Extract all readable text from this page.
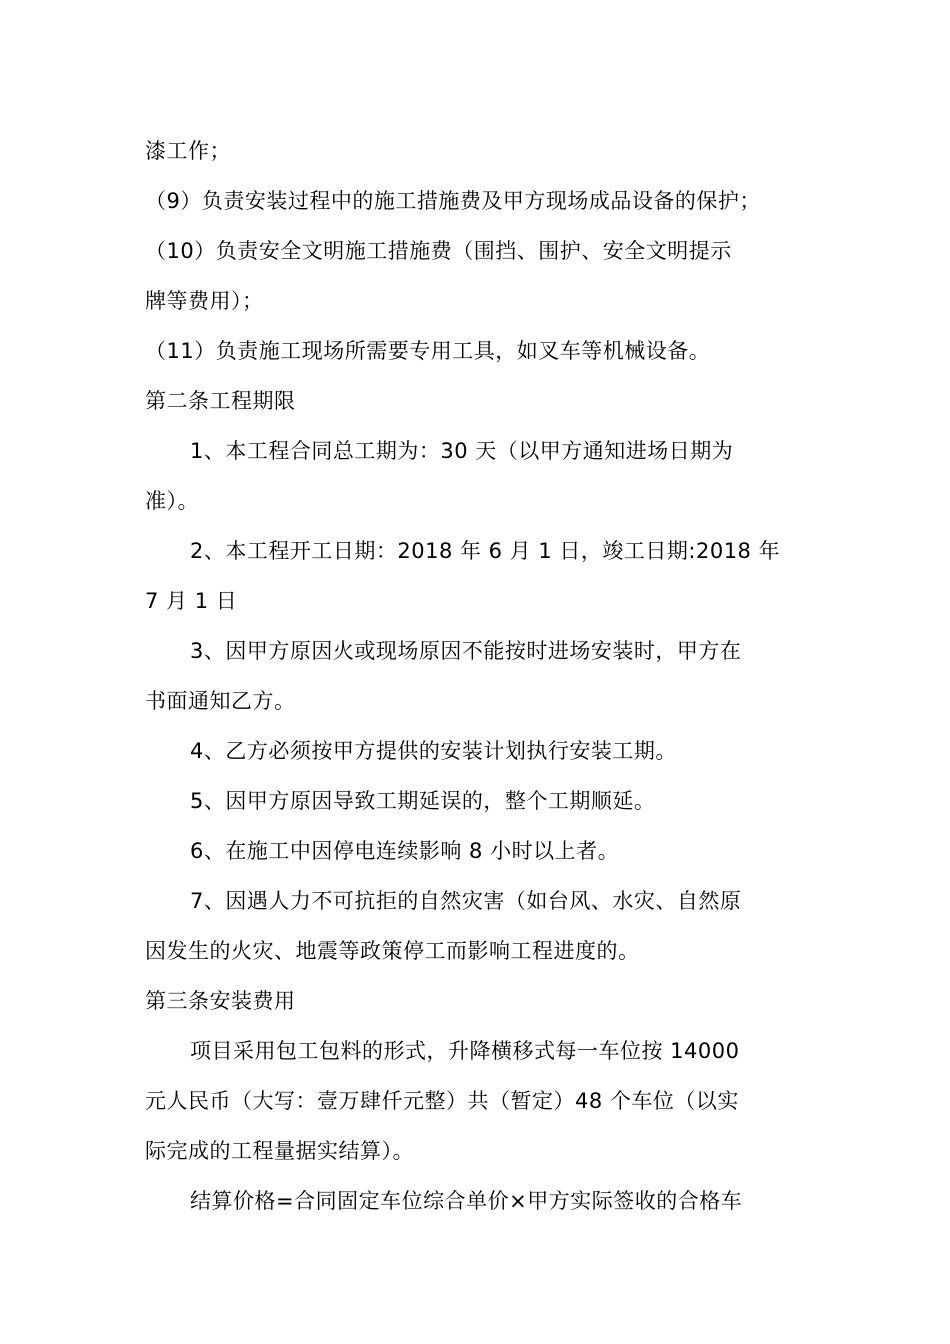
漆工作；
（9）负责安装过程中的施工措施费及甲方现场成品设备的保护；
（10）负责安全文明施工措施费（围挡、围护、安全文明提示
牌等费用）；
（11）负责施工现场所需要专用工具，如叉车等机械设备。
第二条工程期限
1、本工程合同总工期为：30 天（以甲方通知进场日期为
准）。
2、本工程开工日期：2018 年 6 月 1 日，竣工日期:2018 年
7 月 1 日
3、因甲方原因火或现场原因不能按时进场安装时，甲方在
书面通知乙方。
4、乙方必须按甲方提供的安装计划执行安装工期。
5、因甲方原因导致工期延误的，整个工期顺延。
6、在施工中因停电连续影响 8 小时以上者。
7、因遇人力不可抗拒的自然灾害（如台风、水灾、自然原
因发生的火灾、地震等政策停工而影响工程进度的。
第三条安装费用
项目采用包工包料的形式，升降横移式每一车位按 14000
元人民币（大写：壹万肆仟元整）共（暂定）48 个车位（以实
际完成的工程量据实结算）。
结算价格=合同固定车位综合单价×甲方实际签收的合格车
